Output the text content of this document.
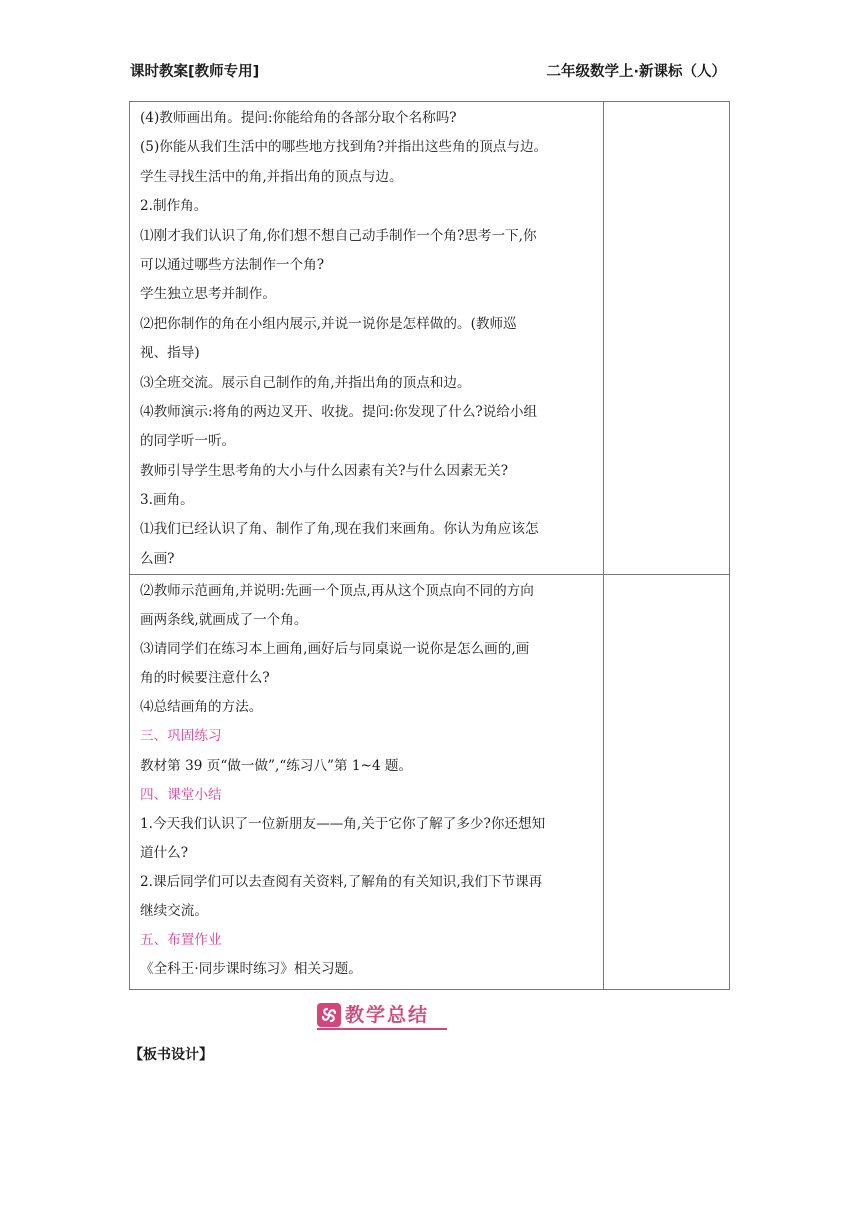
课时教案[教师专用]	二年级数学上·新课标（人）
(4)教师画出角。提问:你能给角的各部分取个名称吗?
(5)你能从我们生活中的哪些地方找到角?并指出这些角的顶点与边。
学生寻找生活中的角,并指出角的顶点与边。
2.制作角。
⑴刚才我们认识了角,你们想不想自己动手制作一个角?思考一下,你
可以通过哪些方法制作一个角?
学生独立思考并制作。
⑵把你制作的角在小组内展示,并说一说你是怎样做的。(教师巡
视、指导)
⑶全班交流。展示自己制作的角,并指出角的顶点和边。
⑷教师演示:将角的两边叉开、收拢。提问:你发现了什么?说给小组
的同学听一听。
教师引导学生思考角的大小与什么因素有关?与什么因素无关?
3.画角。
⑴我们已经认识了角、制作了角,现在我们来画角。你认为角应该怎
么画?
⑵教师示范画角,并说明:先画一个顶点,再从这个顶点向不同的方向
画两条线,就画成了一个角。
⑶请同学们在练习本上画角,画好后与同桌说一说你是怎么画的,画
角的时候要注意什么?
⑷总结画角的方法。
三、巩固练习
教材第 39 页“做一做”,“练习八”第 1~4 题。
四、课堂小结
1.今天我们认识了一位新朋友——角,关于它你了解了多少?你还想知
道什么?
2.课后同学们可以去查阅有关资料,了解角的有关知识,我们下节课再
继续交流。
五、布置作业
《全科王·同步课时练习》相关习题。
教学总结
【板书设计】
